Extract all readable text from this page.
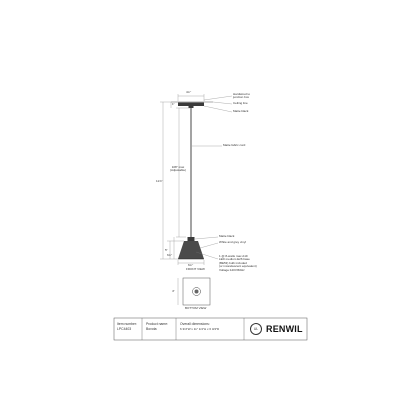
Hardwired to
junction box
Ceiling line
Matte black
Matte fabric cord
Matte black
White and grey vinyl
1 @ 8-watts max A19
LED medium E26 base
(BE53) bulb included
(or incandescent equivalent)
Voltage:120V/60Hz
4¾"
1"
108" max
(Adjustable)
11⅝"
5"
6¾"
6¾"
4"
FRONT VIEW
BOTTOM VIEW
Item number:
LPC4403
Product name:
Bovota
Overall dimensions:
6 3/4"W x 11" 1/4"H x 6 3/4"D	UL RENWIL
